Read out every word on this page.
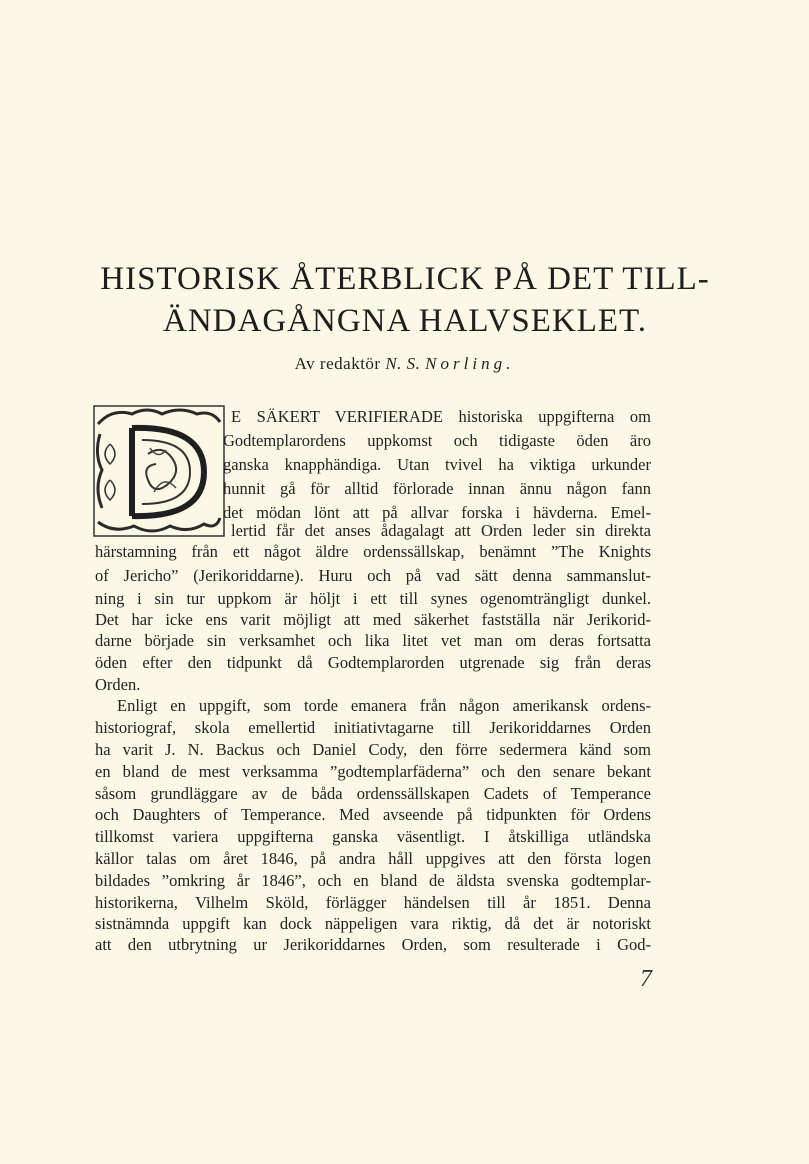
HISTORISK ÅTERBLICK PÅ DET TILL-
ÄNDAGÅNGNA HALVSEKLET.
Av redaktör N. S. Norling.
D
E SÄKERT VERIFIERADE historiska uppgifterna om
Godtemplarordens uppkomst och tidigaste öden äro
ganska knapphändiga. Utan tvivel ha viktiga urkunder
hunnit gå för alltid förlorade innan ännu någon fann
det mödan lönt att på allvar forska i hävderna. Emel-
lertid får det anses ådagalagt att Orden leder sin direkta
härstamning från ett något äldre ordenssällskap, benämnt ”The Knights
of Jericho” (Jerikoriddarne). Huru och på vad sätt denna sammanslut-
ning i sin tur uppkom är höljt i ett till synes ogenomträngligt dunkel.
Det har icke ens varit möjligt att med säkerhet fastställa när Jerikorid-
darne började sin verksamhet och lika litet vet man om deras fortsatta
öden efter den tidpunkt då Godtemplarorden utgrenade sig från deras
Orden.
Enligt en uppgift, som torde emanera från någon amerikansk ordens-
historiograf, skola emellertid initiativtagarne till Jerikoriddarnes Orden
ha varit J. N. Backus och Daniel Cody, den förre sedermera känd som
en bland de mest verksamma ”godtemplarfäderna” och den senare bekant
såsom grundläggare av de båda ordenssällskapen Cadets of Temperance
och Daughters of Temperance. Med avseende på tidpunkten för Ordens
tillkomst variera uppgifterna ganska väsentligt. I åtskilliga utländska
källor talas om året 1846, på andra håll uppgives att den första logen
bildades ”omkring år 1846”, och en bland de äldsta svenska godtemplar-
historikerna, Vilhelm Sköld, förlägger händelsen till år 1851. Denna
sistnämnda uppgift kan dock näppeligen vara riktig, då det är notoriskt
att den utbrytning ur Jerikoriddarnes Orden, som resulterade i God-
7
